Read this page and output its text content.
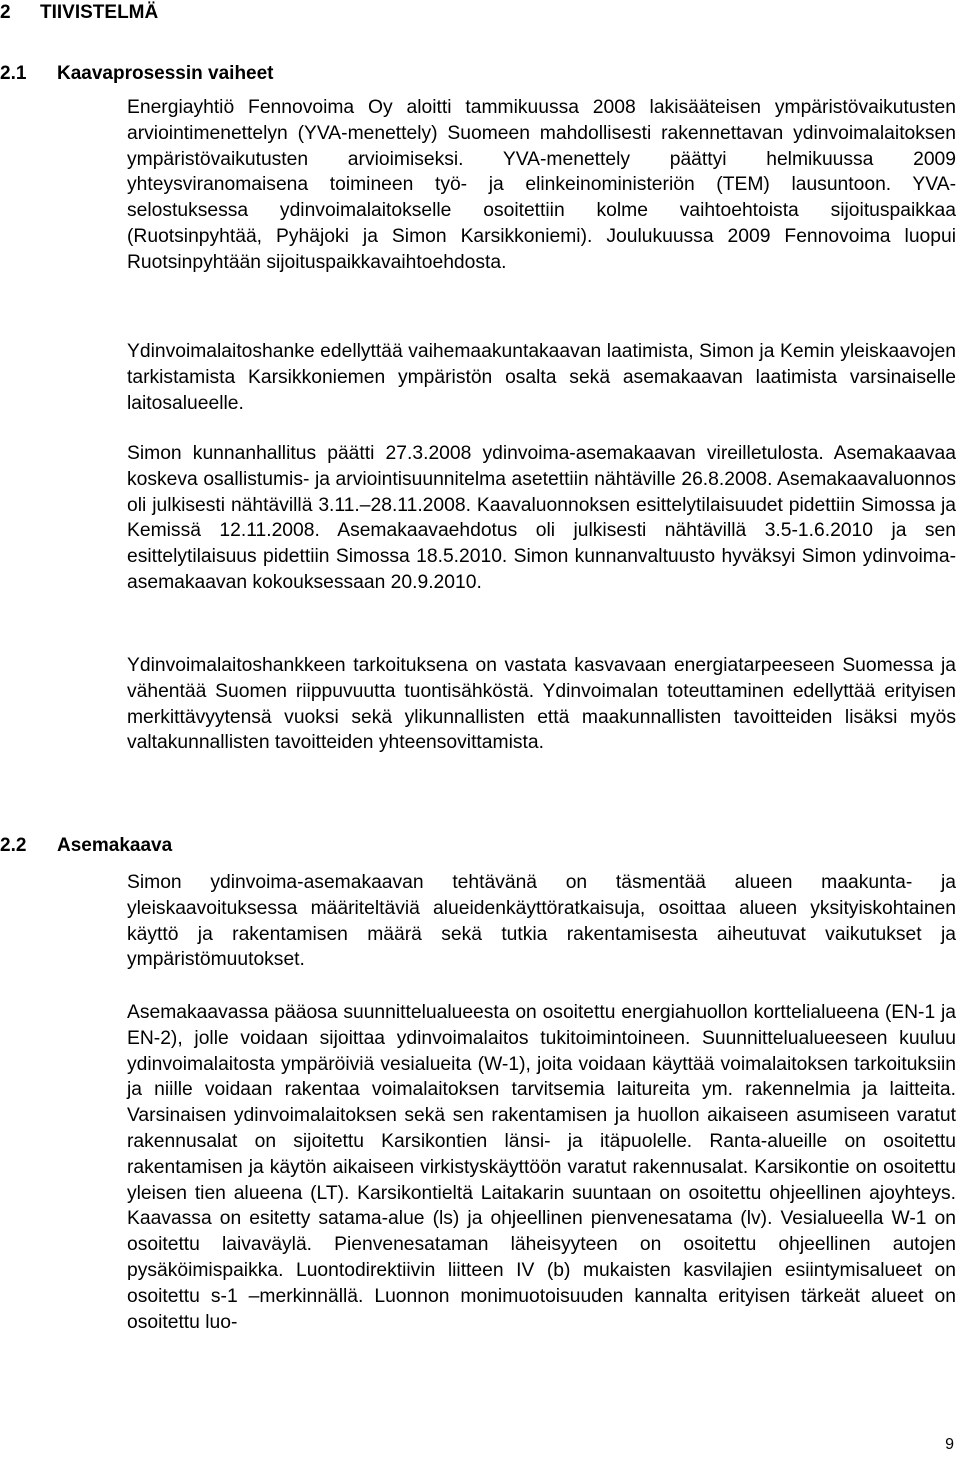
2 TIIVISTELMÄ
2.1 Kaavaprosessin vaiheet

Energiayhtiö Fennovoima Oy aloitti tammikuussa 2008 lakisääteisen ympäristövaikutusten arviointimenettelyn (YVA-menettely) Suomeen mahdollisesti rakennettavan ydinvoimalaitoksen ympäristövaikutusten arvioimiseksi. YVA-menettely päättyi helmikuussa 2009 yhteysviranomaisena toimineen työ- ja elinkeinoministeriön (TEM) lausuntoon. YVA-selostuksessa ydinvoimalaitokselle osoitettiin kolme vaihtoehtoista sijoituspaikkaa (Ruotsinpyhtää, Pyhäjoki ja Simon Karsikkoniemi). Joulukuussa 2009 Fennovoima luopui Ruotsinpyhtään sijoituspaikkavaihtoehdosta.

Ydinvoimalaitoshanke edellyttää vaihemaakuntakaavan laatimista, Simon ja Kemin yleiskaavojen tarkistamista Karsikkoniemen ympäristön osalta sekä asemakaavan laatimista varsinaiselle laitosalueelle.

Simon kunnanhallitus päätti 27.3.2008 ydinvoima-asemakaavan vireilletulosta. Asemakaavaa koskeva osallistumis- ja arviointisuunnitelma asetettiin nähtäville 26.8.2008. Asemakaavaluonnos oli julkisesti nähtävillä 3.11.–28.11.2008. Kaavaluonnoksen esittelytilaisuudet pidettiin Simossa ja Kemissä 12.11.2008. Asemakaavaehdotus oli julkisesti nähtävillä 3.5-1.6.2010 ja sen esittelytilaisuus pidettiin Simossa 18.5.2010. Simon kunnanvaltuusto hyväksyi Simon ydinvoima-asemakaavan kokouksessaan 20.9.2010.

Ydinvoimalaitoshankkeen tarkoituksena on vastata kasvavaan energiatarpeeseen Suomessa ja vähentää Suomen riippuvuutta tuontisähköstä. Ydinvoimalan toteuttaminen edellyttää erityisen merkittävyytensä vuoksi sekä ylikunnallisten että maakunnallisten tavoitteiden lisäksi myös valtakunnallisten tavoitteiden yhteensovittamista.

2.2 Asemakaava

Simon ydinvoima-asemakaavan tehtävänä on täsmentää alueen maakunta- ja yleiskaavoituksessa määriteltäviä alueidenkäyttöratkaisuja, osoittaa alueen yksityiskohtainen käyttö ja rakentamisen määrä sekä tutkia rakentamisesta aiheutuvat vaikutukset ja ympäristömuutokset.

Asemakaavassa pääosa suunnittelualueesta on osoitettu energiahuollon korttelialueena (EN-1 ja EN-2), jolle voidaan sijoittaa ydinvoimalaitos tukitoimintoineen. Suunnittelualueeseen kuuluu ydinvoimalaitosta ympäröiviä vesialueita (W-1), joita voidaan käyttää voimalaitoksen tarkoituksiin ja niille voidaan rakentaa voimalaitoksen tarvitsemia laitureita ym. rakennelmia ja laitteita. Varsinaisen ydinvoimalaitoksen sekä sen rakentamisen ja huollon aikaiseen asumiseen varatut rakennusalat on sijoitettu Karsikontien länsi- ja itäpuolelle. Ranta-alueille on osoitettu rakentamisen ja käytön aikaiseen virkistyskäyttöön varatut rakennusalat. Karsikontie on osoitettu yleisen tien alueena (LT). Karsikontieltä Laitakarin suuntaan on osoitettu ohjeellinen ajoyhteys. Kaavassa on esitetty satama-alue (ls) ja ohjeellinen pienvenesatama (lv). Vesialueella W-1 on osoitettu laivaväylä. Pienvenesataman läheisyyteen on osoitettu ohjeellinen autojen pysäköimispaikka. Luontodirektiivin liitteen IV (b) mukaisten kasvilajien esiintymisalueet on osoitettu s-1 –merkinnällä. Luonnon monimuotoisuuden kannalta erityisen tärkeät alueet on osoitettu luo-

9
